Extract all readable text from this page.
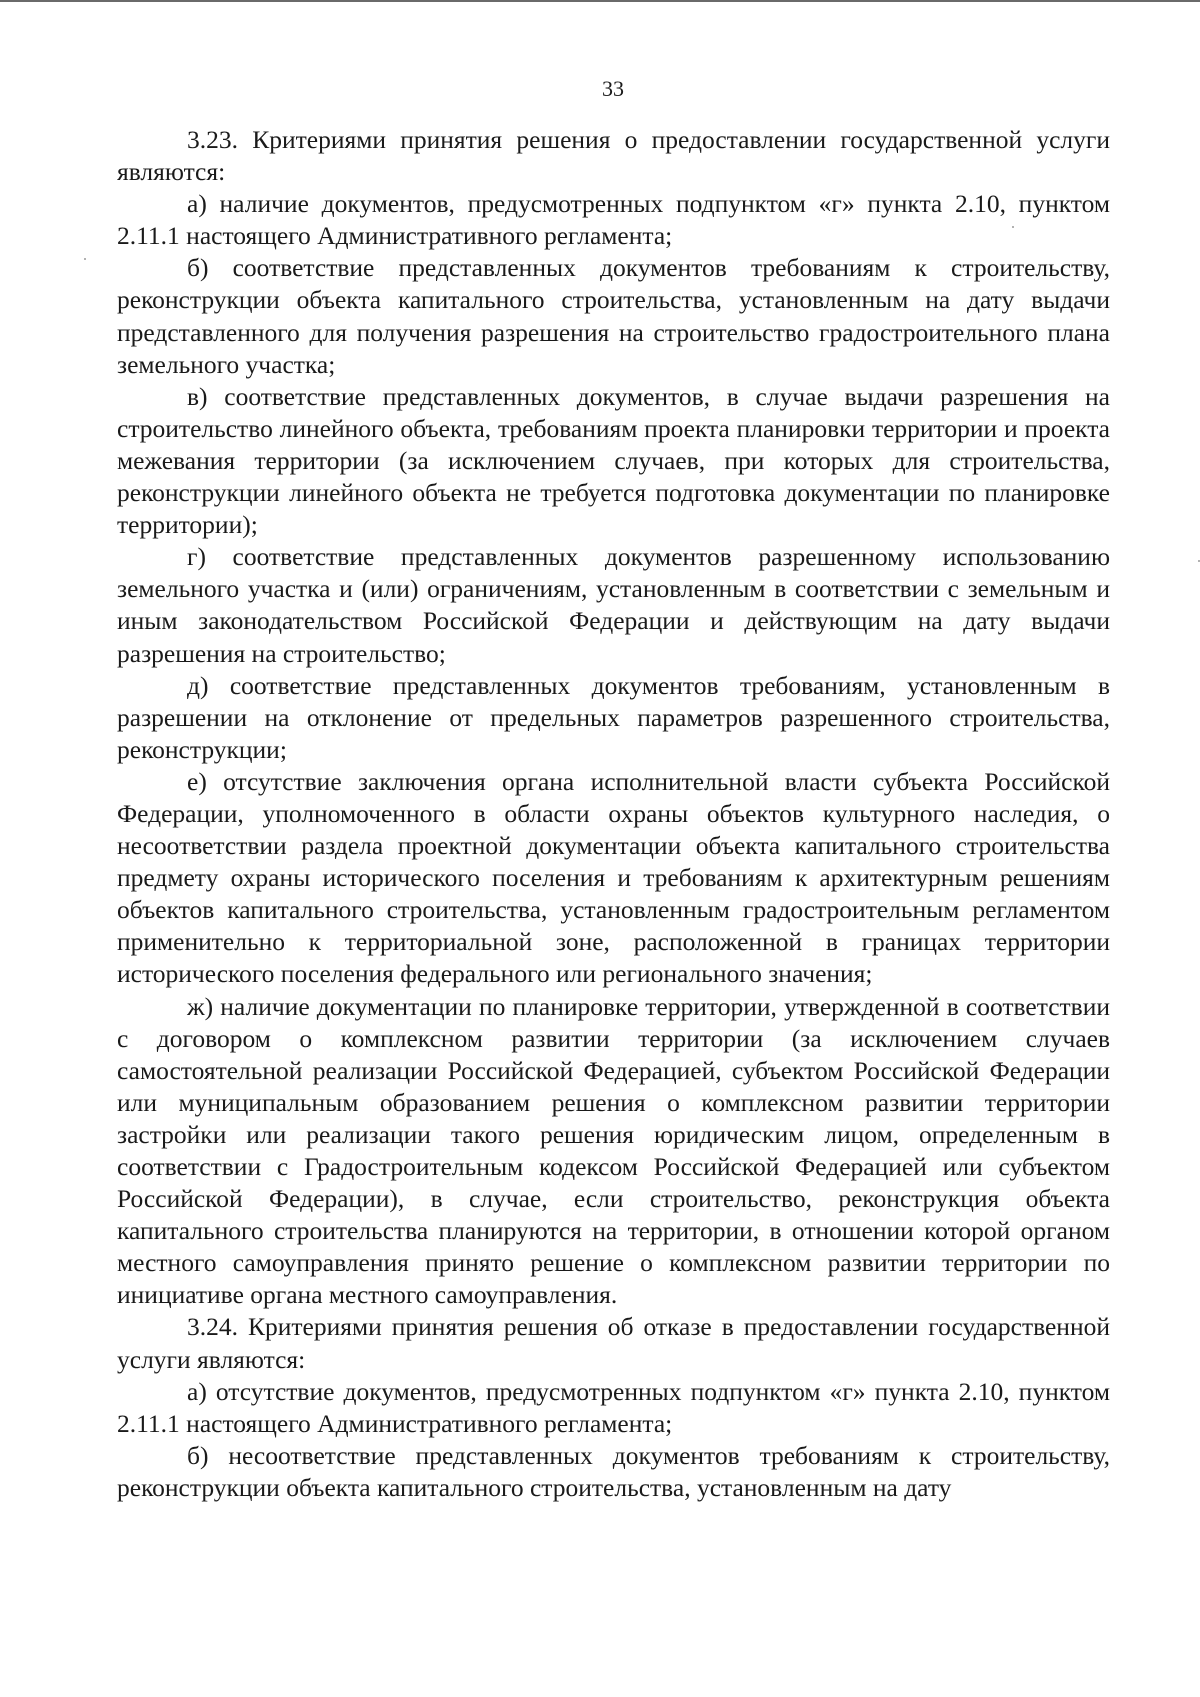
33

3.23. Критериями принятия решения о предоставлении государственной услуги являются:

а) наличие документов, предусмотренных подпунктом «г» пункта 2.10, пунктом 2.11.1 настоящего Административного регламента;

б) соответствие представленных документов требованиям к строительству, реконструкции объекта капитального строительства, установленным на дату выдачи представленного для получения разрешения на строительство градостроительного плана земельного участка;

в) соответствие представленных документов, в случае выдачи разрешения на строительство линейного объекта, требованиям проекта планировки территории и проекта межевания территории (за исключением случаев, при которых для строительства, реконструкции линейного объекта не требуется подготовка документации по планировке территории);

г) соответствие представленных документов разрешенному использованию земельного участка и (или) ограничениям, установленным в соответствии с земельным и иным законодательством Российской Федерации и действующим на дату выдачи разрешения на строительство;

д) соответствие представленных документов требованиям, установленным в разрешении на отклонение от предельных параметров разрешенного строительства, реконструкции;

е) отсутствие заключения органа исполнительной власти субъекта Российской Федерации, уполномоченного в области охраны объектов культурного наследия, о несоответствии раздела проектной документации объекта капитального строительства предмету охраны исторического поселения и требованиям к архитектурным решениям объектов капитального строительства, установленным градостроительным регламентом применительно к территориальной зоне, расположенной в границах территории исторического поселения федерального или регионального значения;

ж) наличие документации по планировке территории, утвержденной в соответствии с договором о комплексном развитии территории (за исключением случаев самостоятельной реализации Российской Федерацией, субъектом Российской Федерации или муниципальным образованием решения о комплексном развитии территории застройки или реализации такого решения юридическим лицом, определенным в соответствии с Градостроительным кодексом Российской Федерацией или субъектом Российской Федерации), в случае, если строительство, реконструкция объекта капитального строительства планируются на территории, в отношении которой органом местного самоуправления принято решение о комплексном развитии территории по инициативе органа местного самоуправления.

3.24. Критериями принятия решения об отказе в предоставлении государственной услуги являются:

а) отсутствие документов, предусмотренных подпунктом «г» пункта 2.10, пунктом 2.11.1 настоящего Административного регламента;

б) несоответствие представленных документов требованиям к строительству, реконструкции объекта капитального строительства, установленным на дату
